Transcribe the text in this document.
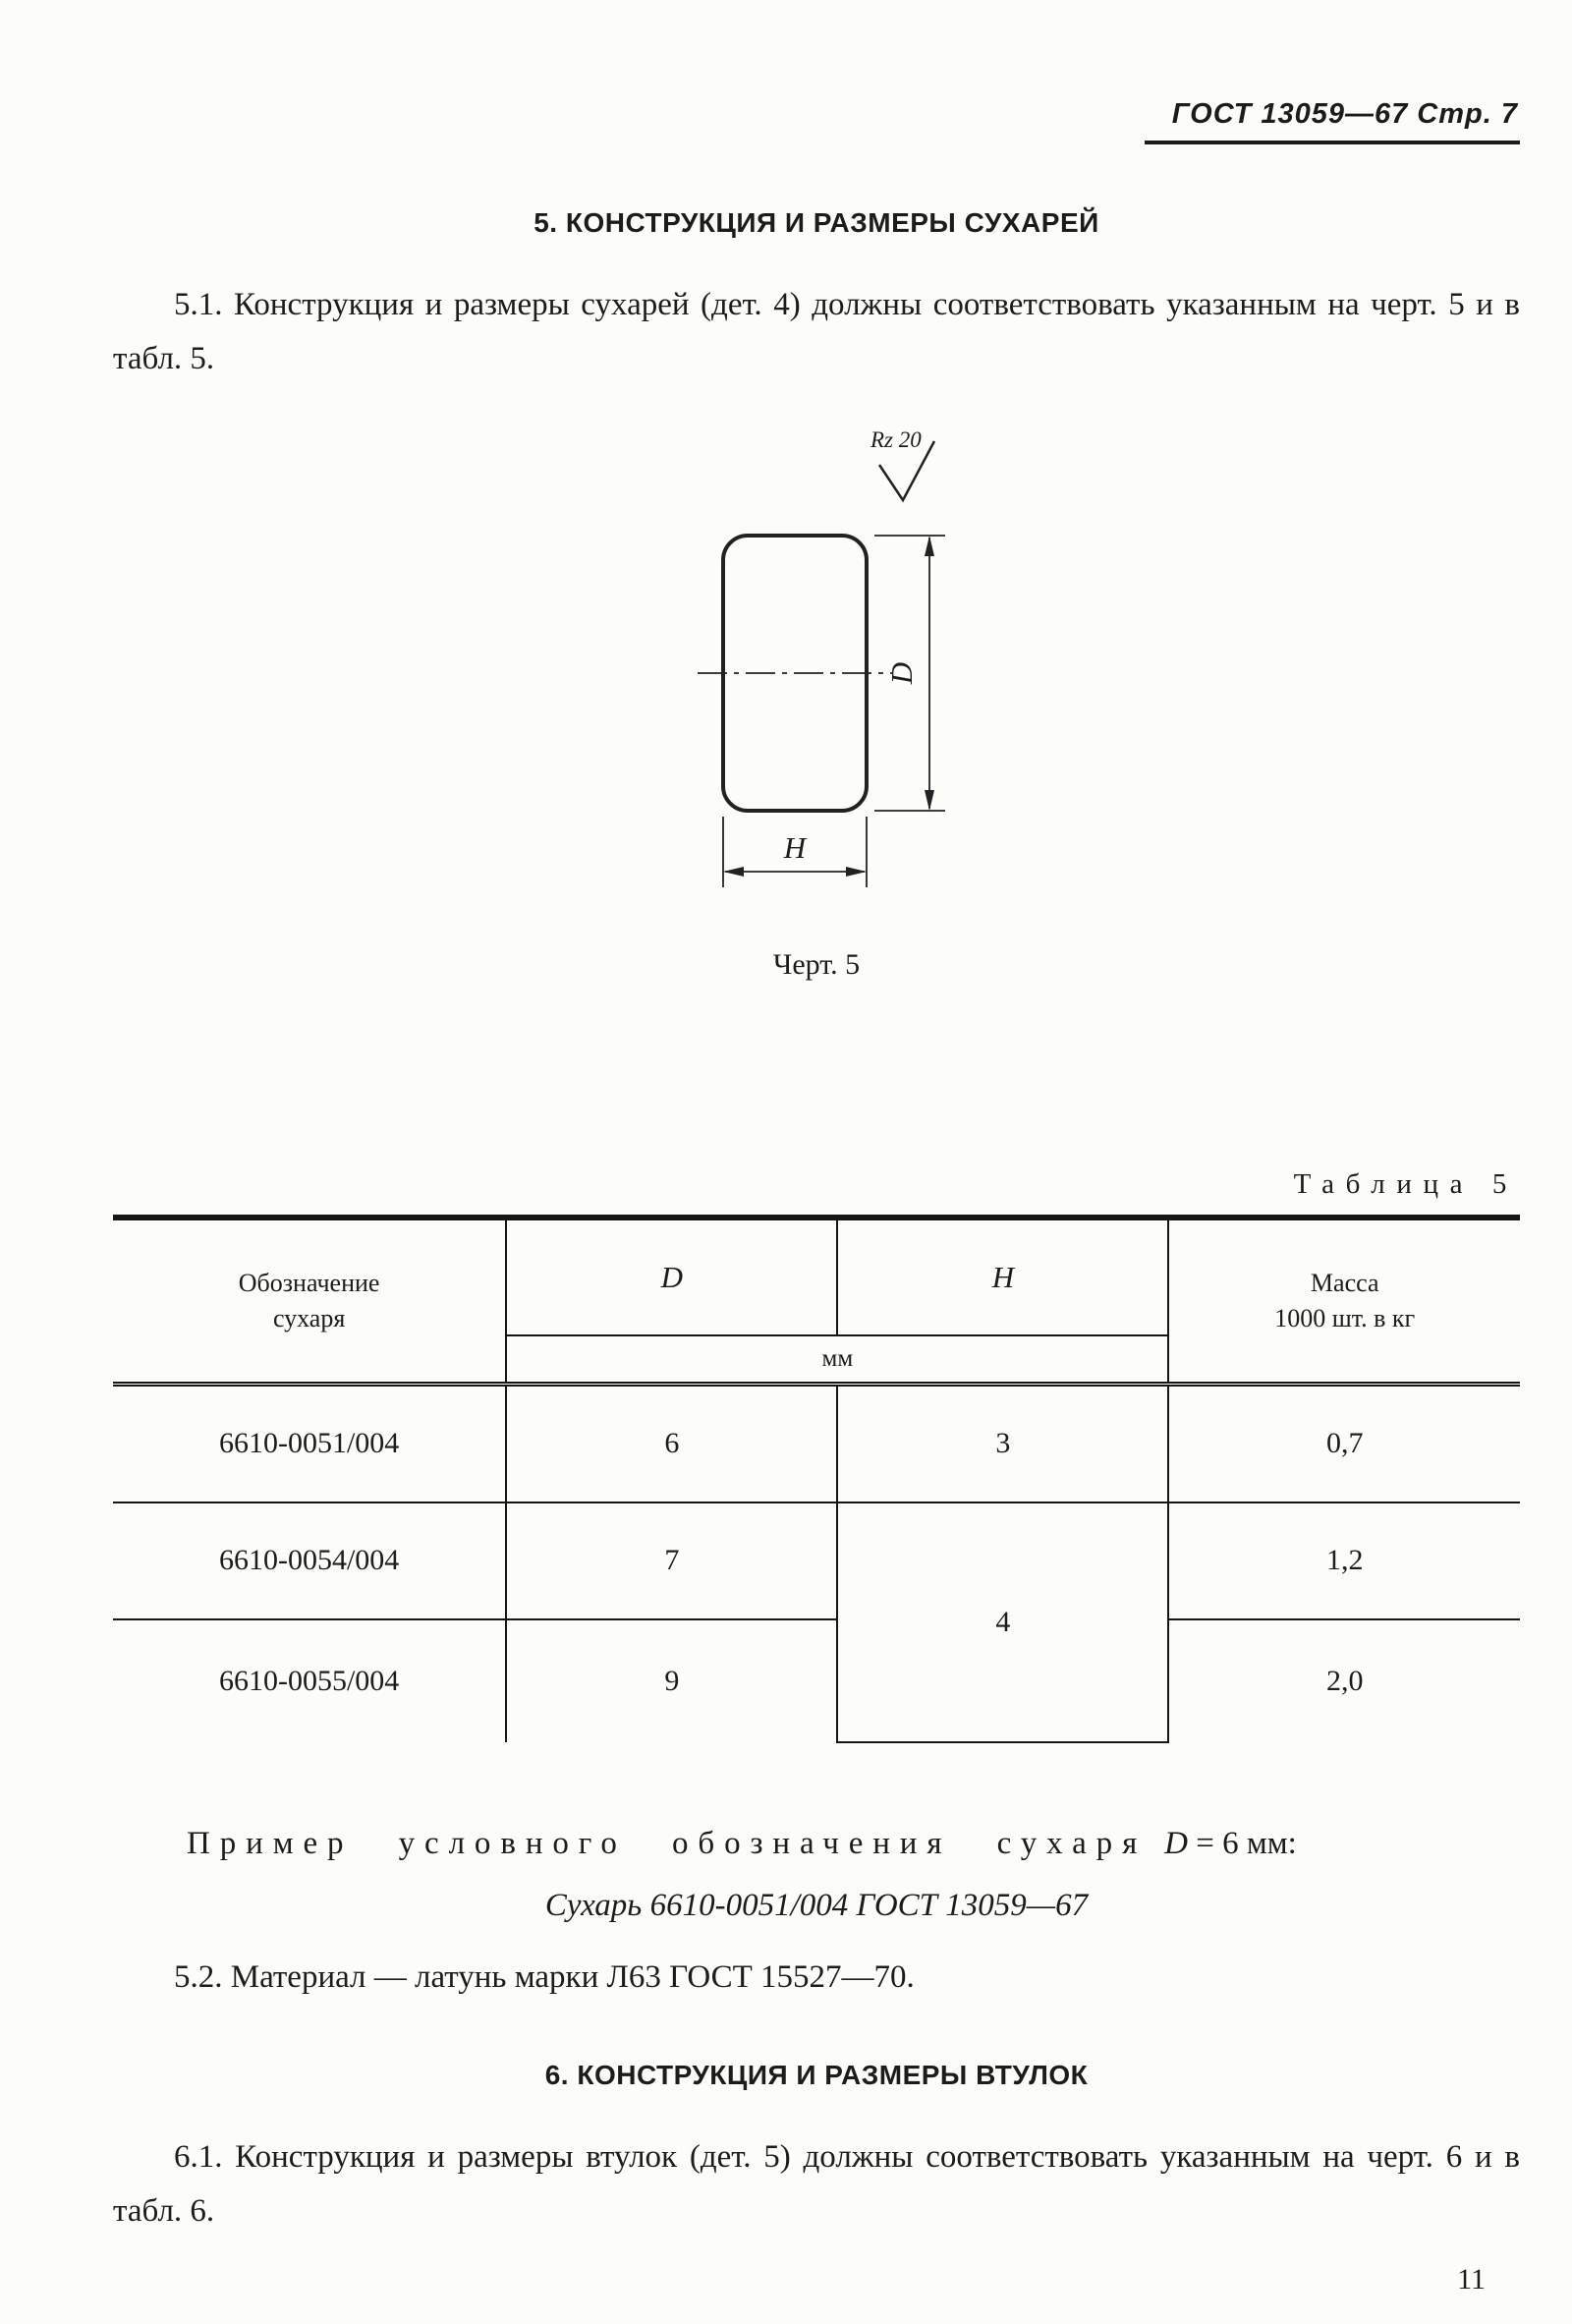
ГОСТ 13059—67 Стр. 7
5. КОНСТРУКЦИЯ И РАЗМЕРЫ СУХАРЕЙ

5.1. Конструкция и размеры сухарей (дет. 4) должны соответствовать указанным на черт. 5 и в табл. 5.

Rz 20
D
H
Черт. 5
Таблица 5
Обозначение
сухаря	D	H	Масса
1000 шт. в кг
	мм		
6610-0051/004	6	3	0,7
6610-0054/004	7	4	1,2
6610-0055/004	9		2,0
Пример условного обозначения сухаря D = 6 мм:
Сухарь 6610-0051/004 ГОСТ 13059—67

5.2. Материал — латунь марки Л63 ГОСТ 15527—70.

6. КОНСТРУКЦИЯ И РАЗМЕРЫ ВТУЛОК

6.1. Конструкция и размеры втулок (дет. 5) должны соответствовать указанным на черт. 6 и в табл. 6.

11
